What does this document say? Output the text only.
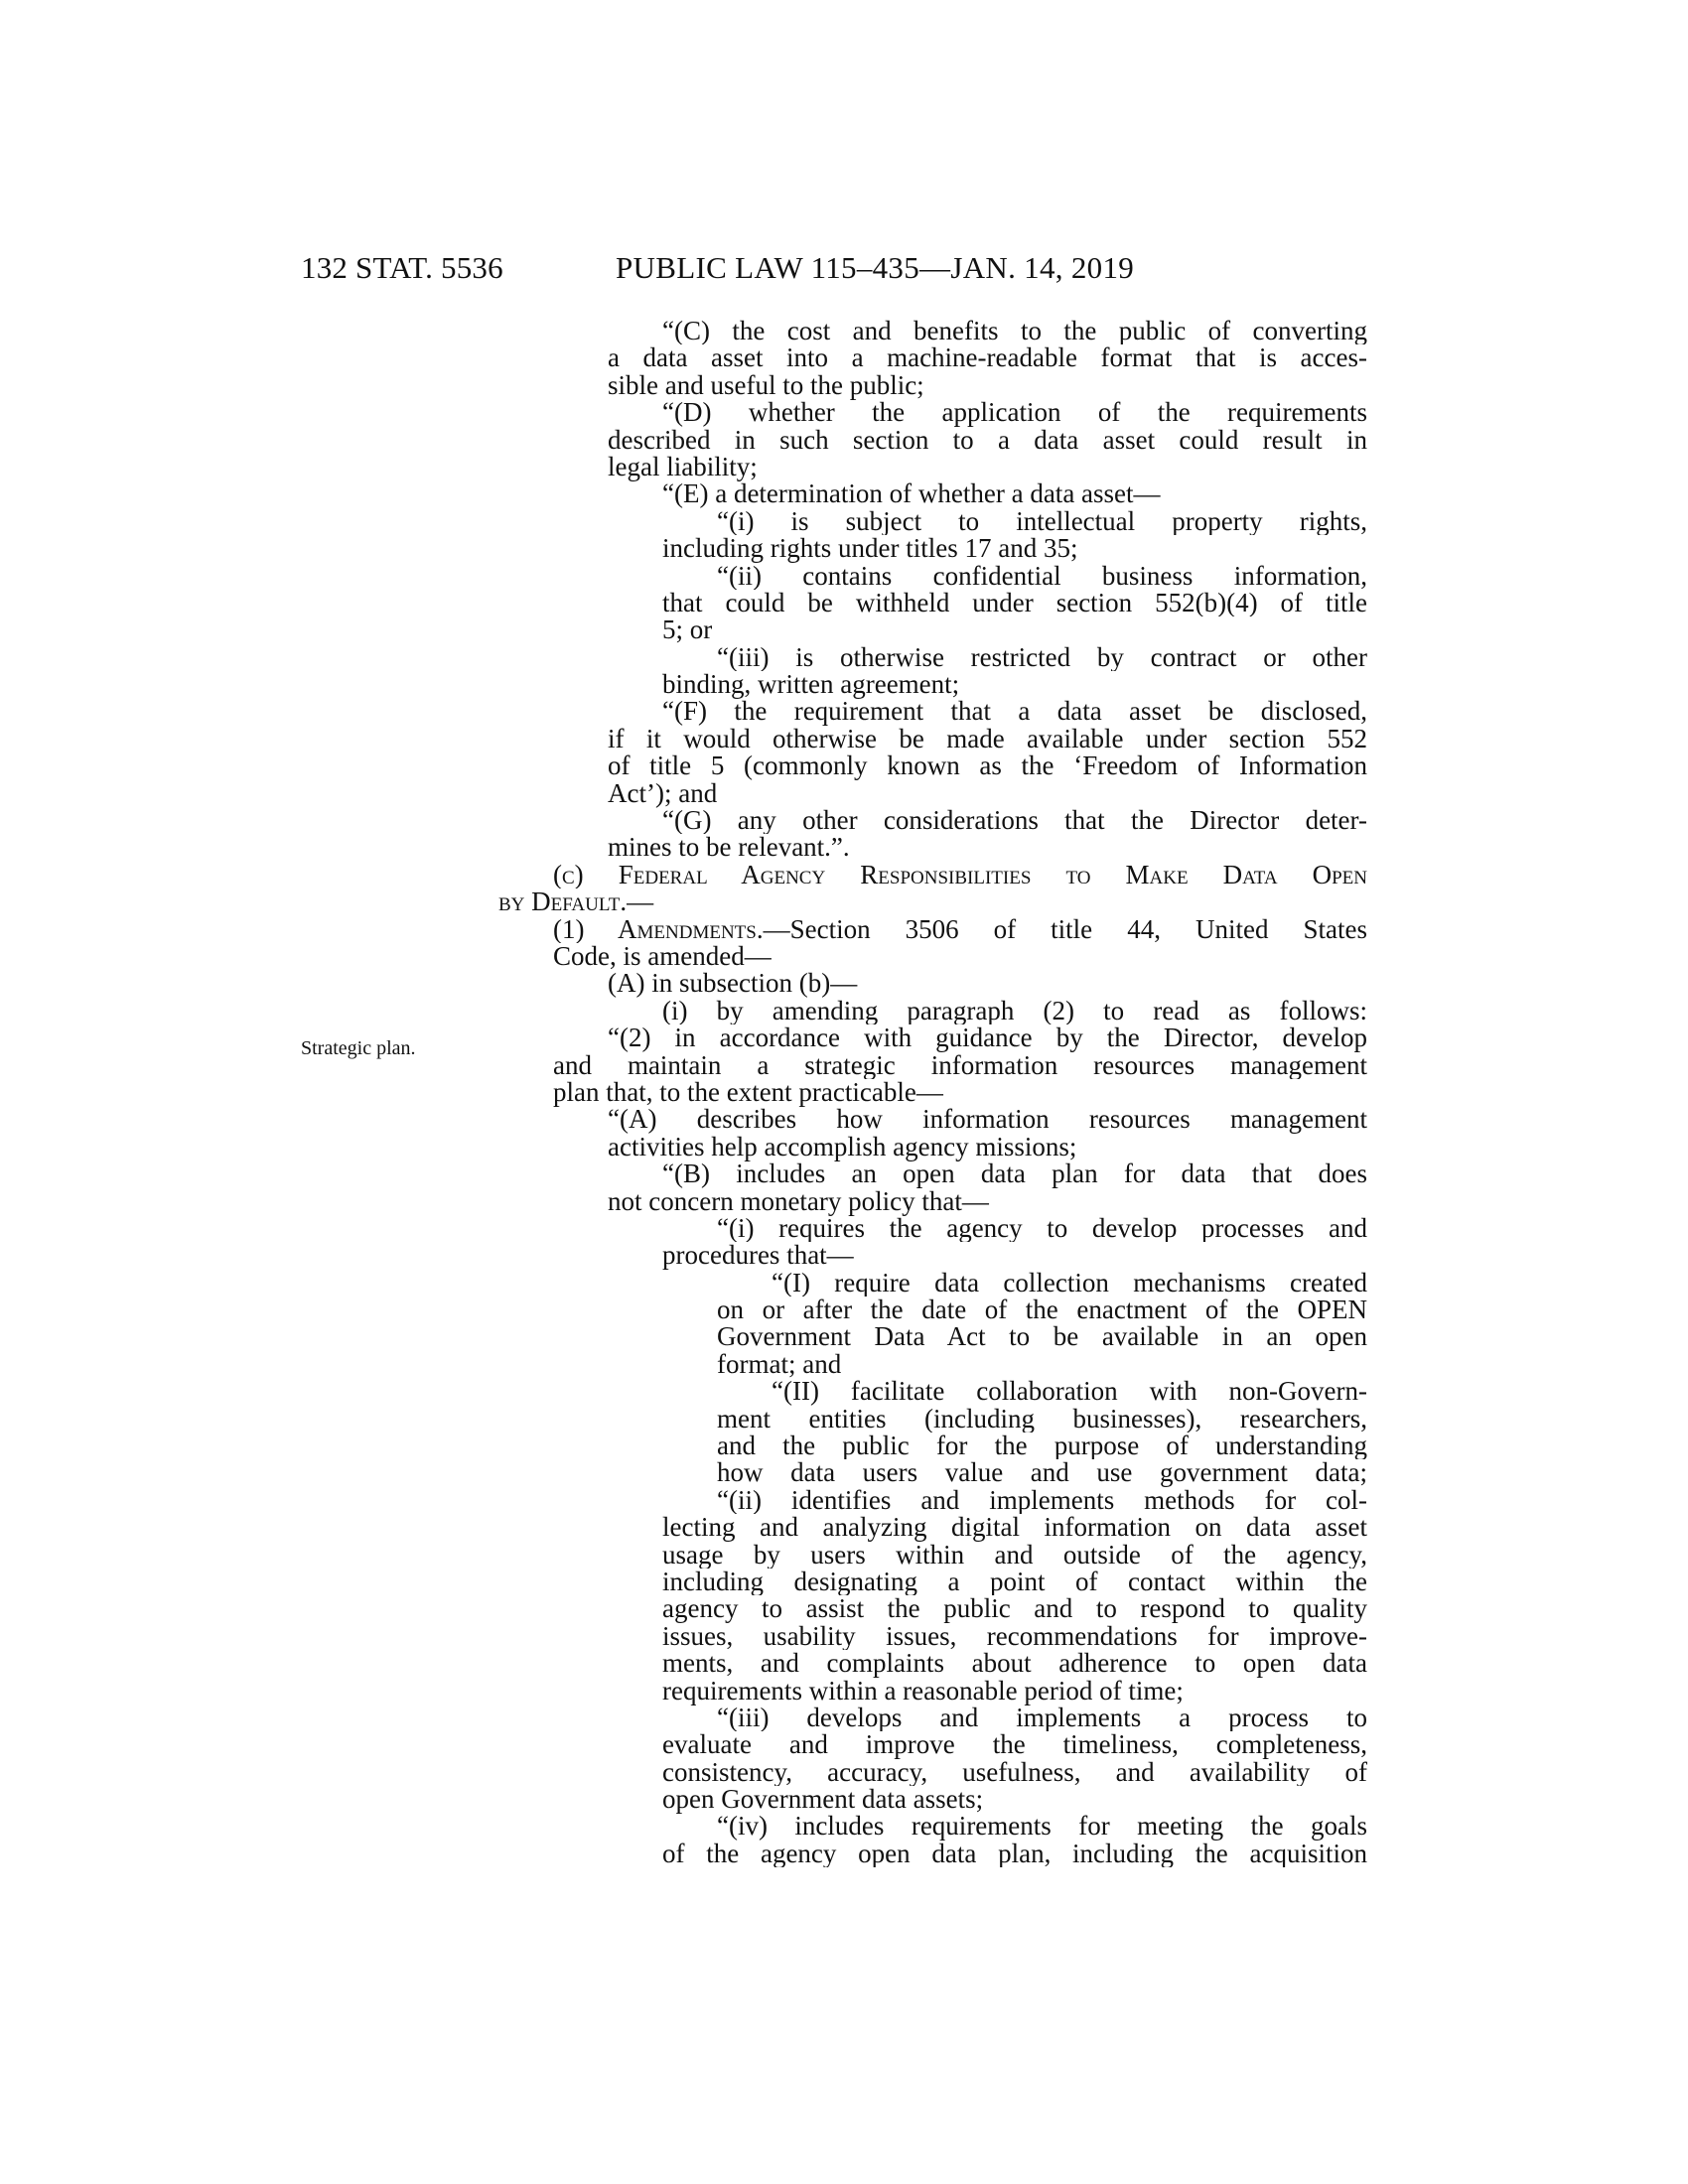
132 STAT. 5536	PUBLIC LAW 115–435—JAN. 14, 2019
Strategic plan.
“(C) the cost and benefits to the public of converting
a data asset into a machine-readable format that is acces-
sible and useful to the public;
“(D) whether the application of the requirements
described in such section to a data asset could result in
legal liability;
“(E) a determination of whether a data asset—
“(i) is subject to intellectual property rights,
including rights under titles 17 and 35;
“(ii) contains confidential business information,
that could be withheld under section 552(b)(4) of title
5; or
“(iii) is otherwise restricted by contract or other
binding, written agreement;
“(F) the requirement that a data asset be disclosed,
if it would otherwise be made available under section 552
of title 5 (commonly known as the ‘Freedom of Information
Act’); and
“(G) any other considerations that the Director deter-
mines to be relevant.”.
(c) Federal Agency Responsibilities to Make Data Open
by Default.—
(1) Amendments.—Section 3506 of title 44, United States
Code, is amended—
(A) in subsection (b)—
(i) by amending paragraph (2) to read as follows:
“(2) in accordance with guidance by the Director, develop
and maintain a strategic information resources management
plan that, to the extent practicable—
“(A) describes how information resources management
activities help accomplish agency missions;
“(B) includes an open data plan for data that does
not concern monetary policy that—
“(i) requires the agency to develop processes and
procedures that—
“(I) require data collection mechanisms created
on or after the date of the enactment of the OPEN
Government Data Act to be available in an open
format; and
“(II) facilitate collaboration with non-Govern-
ment entities (including businesses), researchers,
and the public for the purpose of understanding
how data users value and use government data;
“(ii) identifies and implements methods for col-
lecting and analyzing digital information on data asset
usage by users within and outside of the agency,
including designating a point of contact within the
agency to assist the public and to respond to quality
issues, usability issues, recommendations for improve-
ments, and complaints about adherence to open data
requirements within a reasonable period of time;
“(iii) develops and implements a process to
evaluate and improve the timeliness, completeness,
consistency, accuracy, usefulness, and availability of
open Government data assets;
“(iv) includes requirements for meeting the goals
of the agency open data plan, including the acquisition
